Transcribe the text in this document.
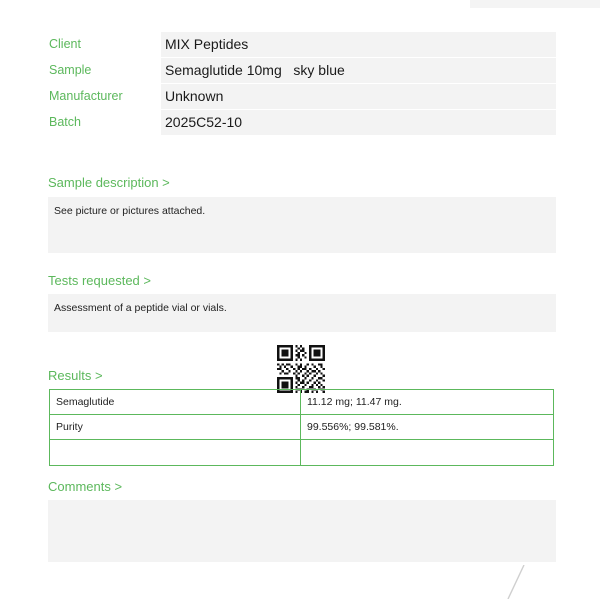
Client	MIX Peptides
Sample	Semaglutide 10mg   sky blue
Manufacturer	Unknown
Batch	2025C52-10
Sample description >
See picture or pictures attached.
Tests requested >
Assessment of a peptide vial or vials.
Results >
Semaglutide	11.12 mg; 11.47 mg.
Purity	99.556%; 99.581%.

Comments >
